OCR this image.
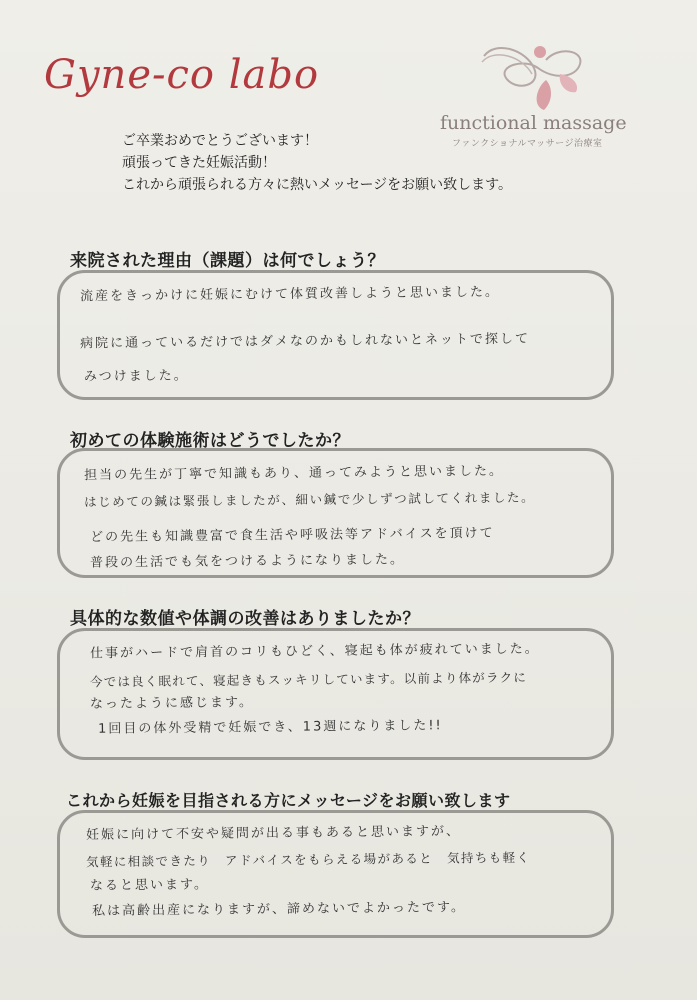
Gyne-co labo
functional massage
ファンクショナルマッサージ治療室
ご卒業おめでとうございます！
頑張ってきた妊娠活動！
これから頑張られる方々に熱いメッセージをお願い致します。
来院された理由（課題）は何でしょう？
流産をきっかけに妊娠にむけて体質改善しようと思いました。
病院に通っているだけではダメなのかもしれないとネットで探して
みつけました。
初めての体験施術はどうでしたか？
担当の先生が丁寧で知識もあり、通ってみようと思いました。
はじめての鍼は緊張しましたが、細い鍼で少しずつ試してくれました。
どの先生も知識豊富で食生活や呼吸法等アドバイスを頂けて
普段の生活でも気をつけるようになりました。
具体的な数値や体調の改善はありましたか？
仕事がハードで肩首のコリもひどく、寝起も体が疲れていました。
今では良く眠れて、寝起きもスッキリしています。以前より体がラクに
なったように感じます。
1回目の体外受精で妊娠でき、13週になりました!!
これから妊娠を目指される方にメッセージをお願い致します
妊娠に向けて不安や疑問が出る事もあると思いますが、
気軽に相談できたり　アドバイスをもらえる場があると　気持ちも軽く
なると思います。
私は高齢出産になりますが、諦めないでよかったです。
